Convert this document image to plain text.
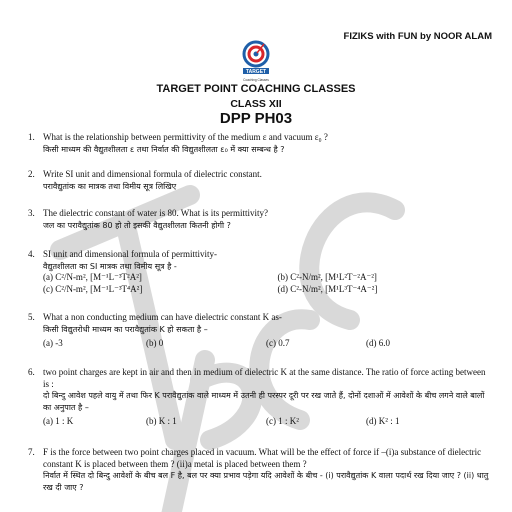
FIZIKS with FUN by NOOR ALAM
TARGET
Coaching Classes
TARGET POINT COACHING CLASSES
CLASS XII
DPP PH03
1. What is the relationship between permittivity of the medium ε and vacuum ε₀ ?
किसी माध्यम की वैद्युतशीलता ε तथा निर्वात की विद्युतशीलता ε₀ में क्या सम्बन्ध है ?
2. Write SI unit and dimensional formula of dielectric constant.
परावैद्युतांक का मात्रक तथा विमीय सूत्र लिखिए
3. The dielectric constant of water is 80. What is its permittivity?
जल का परावैद्युतांक 80 हो तो इसकी वैद्युतशीलता कितनी होगी ?
4. SI unit and dimensional formula of permittivity-
वैद्युतशीलता का SI मात्रक तथा विमीय सूत्र है -
(a) C²/N-m², [M⁻¹L⁻³T²A²]	(b) C²-N/m², [M¹L²T⁻²A⁻²]
(c) C²/N-m², [M⁻¹L⁻³T⁴A²]	(d) C²-N/m², [M¹L³T⁻⁴A⁻²]
5. What a non conducting medium can have dielectric constant K as-
किसी विद्युतरोधी माध्यम का परावैद्युतांक K हो सकता है –
(a) -3	(b) 0	(c) 0.7	(d) 6.0
6. two point charges are kept in air and then in medium of dielectric K at the same distance. The ratio of force acting between is :
दो बिन्दु आवेश पहले वायु में तथा फिर K परावैद्युतांक वाले माध्यम में उतनी ही परस्पर दूरी पर रख जाते हैं, दोनों दशाओं में आवेशों के बीच लगने वाले बालों का अनुपात है –
(a) 1 : K	(b) K : 1	(c) 1 : K²	(d) K² : 1
7. F is the force between two point charges placed in vacuum. What will be the effect of force if –(i)a substance of dielectric constant K is placed between them ? (ii)a metal is placed between them ?
निर्वात में स्थित दो बिन्दु आवेशों के बीच बल F है, बल पर क्या प्रभाव पड़ेगा यदि आवेशों के बीच - (i) परावैद्युतांक K वाला पदार्थ रख दिया जाए ? (ii) धातु रख दी जाए ?
